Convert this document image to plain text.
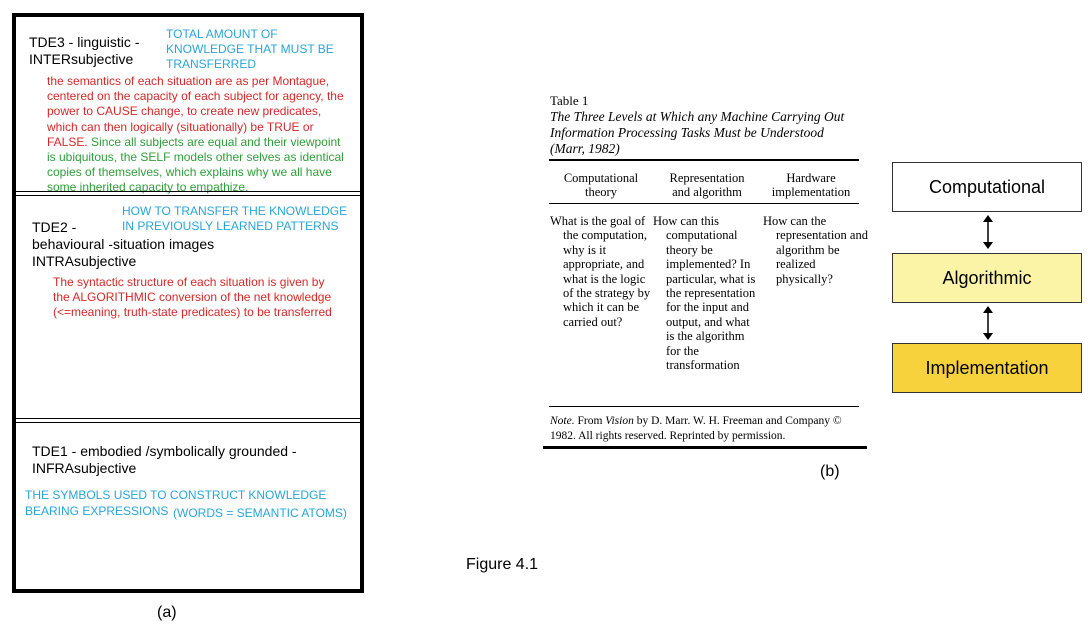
TDE3 - linguistic -
INTERsubjective
TOTAL AMOUNT OF KNOWLEDGE THAT MUST BE TRANSFERRED
the semantics of each situation are as per Montague, centered on the capacity of each subject for agency, the power to CAUSE change, to create new predicates, which can then logically (situationally) be TRUE or FALSE. Since all subjects are equal and their viewpoint is ubiquitous, the SELF models other selves as identical copies of themselves, which explains why we all have some inherited capacity to empathize.
HOW TO TRANSFER THE KNOWLEDGE IN PREVIOUSLY LEARNED PATTERNS
TDE2 -
behavioural -situation images
INTRAsubjective
The syntactic structure of each situation is given by the ALGORITHMIC conversion of the net knowledge (<=meaning, truth-state predicates) to be transferred
TDE1 - embodied /symbolically grounded -
INFRAsubjective
THE SYMBOLS USED TO CONSTRUCT KNOWLEDGE
BEARING EXPRESSIONS (WORDS = SEMANTIC ATOMS)
(a)
Figure 4.1
Table 1
The Three Levels at Which any Machine Carrying Out Information Processing Tasks Must be Understood (Marr, 1982)
Computational
theory
Representation
and algorithm
Hardware
implementation
What is the goal of the computation, why is it appropriate, and what is the logic of the strategy by which it can be carried out?
How can this computational theory be implemented? In particular, what is the representation for the input and output, and what is the algorithm for the transformation
How can the representation and algorithm be realized physically?
Note. From Vision by D. Marr. W. H. Freeman and Company © 1982. All rights reserved. Reprinted by permission.
(b)
Computational
Algorithmic
Implementation
